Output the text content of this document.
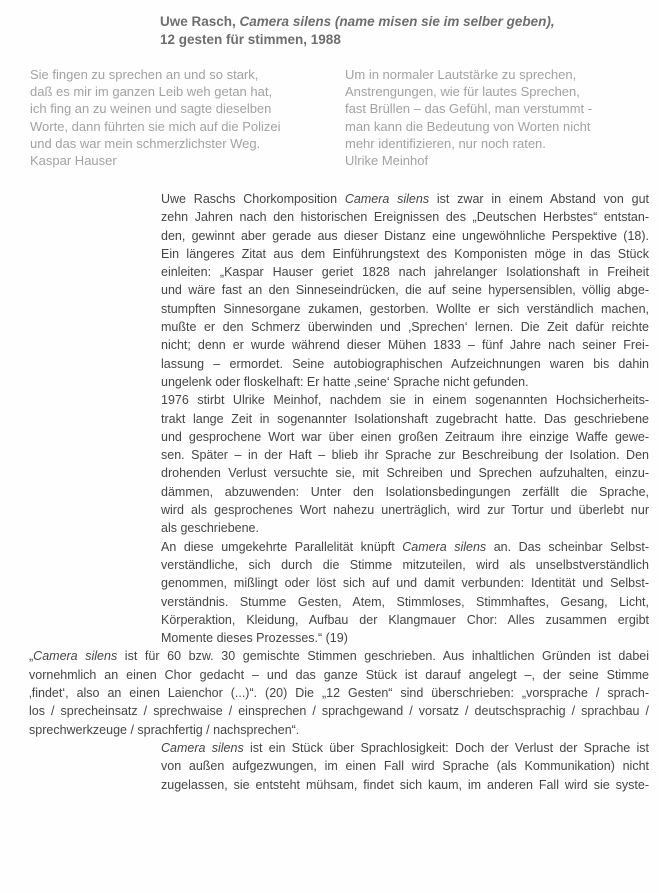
Uwe Rasch, Camera silens (name misen sie im selber geben),
12 gesten für stimmen, 1988
Sie fingen zu sprechen an und so stark,
daß es mir im ganzen Leib weh getan hat,
ich fing an zu weinen und sagte dieselben
Worte, dann führten sie mich auf die Polizei
und das war mein schmerzlichster Weg.
Kaspar Hauser
Um in normaler Lautstärke zu sprechen,
Anstrengungen, wie für lautes Sprechen,
fast Brüllen – das Gefühl, man verstummt -
man kann die Bedeutung von Worten nicht
mehr identifizieren, nur noch raten.
Ulrike Meinhof
Uwe Raschs Chorkomposition Camera silens ist zwar in einem Abstand von gut
zehn Jahren nach den historischen Ereignissen des „Deutschen Herbstes“ entstan-
den, gewinnt aber gerade aus dieser Distanz eine ungewöhnliche Perspektive (18).
Ein längeres Zitat aus dem Einführungstext des Komponisten möge in das Stück
einleiten: „Kaspar Hauser geriet 1828 nach jahrelanger Isolationshaft in Freiheit
und wäre fast an den Sinneseindrücken, die auf seine hypersensiblen, völlig abge-
stumpften Sinnesorgane zukamen, gestorben. Wollte er sich verständlich machen,
mußte er den Schmerz überwinden und ‚Sprechen‘ lernen. Die Zeit dafür reichte
nicht; denn er wurde während dieser Mühen 1833 – fünf Jahre nach seiner Frei-
lassung – ermordet. Seine autobiographischen Aufzeichnungen waren bis dahin
ungelenk oder floskelhaft: Er hatte ‚seine‘ Sprache nicht gefunden.
1976 stirbt Ulrike Meinhof, nachdem sie in einem sogenannten Hochsicherheits-
trakt lange Zeit in sogenannter Isolationshaft zugebracht hatte. Das geschriebene
und gesprochene Wort war über einen großen Zeitraum ihre einzige Waffe gewe-
sen. Später – in der Haft – blieb ihr Sprache zur Beschreibung der Isolation. Den
drohenden Verlust versuchte sie, mit Schreiben und Sprechen aufzuhalten, einzu-
dämmen, abzuwenden: Unter den Isolationsbedingungen zerfällt die Sprache,
wird als gesprochenes Wort nahezu unerträglich, wird zur Tortur und überlebt nur
als geschriebene.
An diese umgekehrte Parallelität knüpft Camera silens an. Das scheinbar Selbst-
verständliche, sich durch die Stimme mitzuteilen, wird als unselbstverständlich
genommen, mißlingt oder löst sich auf und damit verbunden: Identität und Selbst-
verständnis. Stumme Gesten, Atem, Stimmloses, Stimmhaftes, Gesang, Licht,
Körperaktion, Kleidung, Aufbau der Klangmauer Chor: Alles zusammen ergibt
Momente dieses Prozesses.“ (19)
„Camera silens ist für 60 bzw. 30 gemischte Stimmen geschrieben. Aus inhaltlichen Gründen ist dabei
vornehmlich an einen Chor gedacht – und das ganze Stück ist darauf angelegt –, der seine Stimme
‚findet‘, also an einen Laienchor (...)“. (20) Die „12 Gesten“ sind überschrieben: „vorsprache / sprach-
los / sprecheinsatz / sprechwaise / einsprechen / sprachgewand / vorsatz / deutschsprachig / sprachbau /
sprechwerkzeuge / sprachfertig / nachsprechen“.
Camera silens ist ein Stück über Sprachlosigkeit: Doch der Verlust der Sprache ist
von außen aufgezwungen, im einen Fall wird Sprache (als Kommunikation) nicht
zugelassen, sie entsteht mühsam, findet sich kaum, im anderen Fall wird sie syste-
